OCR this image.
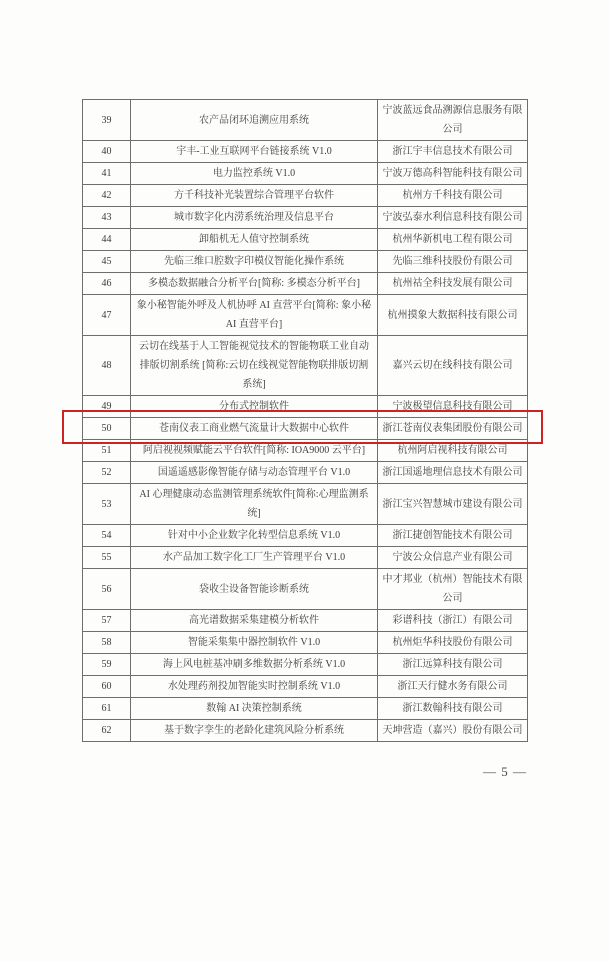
39	农产品闭环追溯应用系统	宁波蓝远食品溯源信息服务有限公司
40	宇丰-工业互联网平台链接系统 V1.0	浙江宇丰信息技术有限公司
41	电力监控系统 V1.0	宁波万德高科智能科技有限公司
42	方千科技补光装置综合管理平台软件	杭州方千科技有限公司
43	城市数字化内涝系统治理及信息平台	宁波弘泰水利信息科技有限公司
44	卸船机无人值守控制系统	杭州华新机电工程有限公司
45	先临三维口腔数字印模仪智能化操作系统	先临三维科技股份有限公司
46	多模态数据融合分析平台[简称: 多模态分析平台]	杭州祜全科技发展有限公司
47	象小秘智能外呼及人机协呼 AI 直营平台[简称: 象小秘 AI 直营平台]	杭州摸象大数据科技有限公司
48	云切在线基于人工智能视觉技术的智能物联工业自动排版切割系统 [简称:云切在线视觉智能物联排版切割系统]	嘉兴云切在线科技有限公司
49	分布式控制软件	宁波极望信息科技有限公司
50	苍南仪表工商业燃气流量计大数据中心软件	浙江苍南仪表集团股份有限公司
51	阿启视视频赋能云平台软件[简称: IOA9000 云平台]	杭州阿启视科技有限公司
52	国遥遥感影像智能存储与动态管理平台 V1.0	浙江国遥地理信息技术有限公司
53	AI 心理健康动态监测管理系统软件[简称:心理监测系统]	浙江宝兴智慧城市建设有限公司
54	针对中小企业数字化转型信息系统 V1.0	浙江捷创智能技术有限公司
55	水产品加工数字化工厂生产管理平台 V1.0	宁波公众信息产业有限公司
56	袋收尘设备智能诊断系统	中才邦业（杭州）智能技术有限公司
57	高光谱数据采集建模分析软件	彩谱科技（浙江）有限公司
58	智能采集集中器控制软件 V1.0	杭州炬华科技股份有限公司
59	海上风电桩基冲刷多维数据分析系统 V1.0	浙江远算科技有限公司
60	水处理药剂投加智能实时控制系统 V1.0	浙江天行健水务有限公司
61	数翰 AI 决策控制系统	浙江数翰科技有限公司
62	基于数字孪生的老龄化建筑风险分析系统	天坤营造（嘉兴）股份有限公司
— 5 —
